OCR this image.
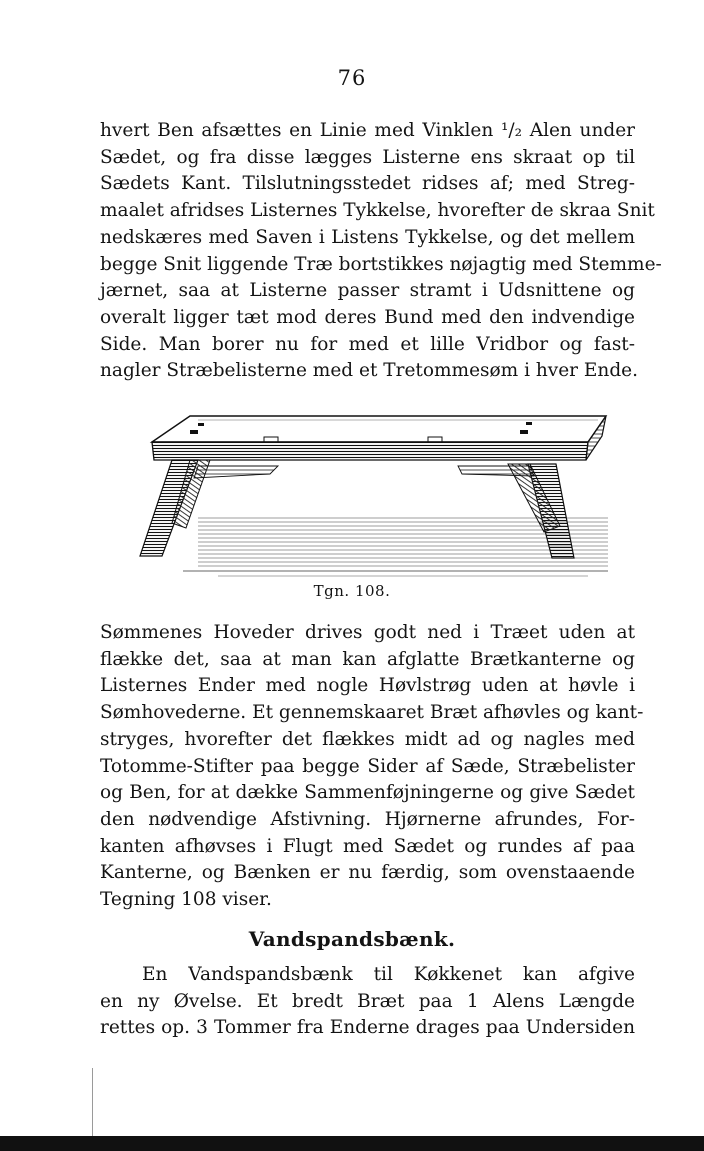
76
hvert Ben afsættes en Linie med Vinklen ¹/₂ Alen under
Sædet, og fra disse lægges Listerne ens skraat op til
Sædets Kant. Tilslutningsstedet ridses af; med Streg-
maalet afridses Listernes Tykkelse, hvorefter de skraa Snit
nedskæres med Saven i Listens Tykkelse, og det mellem
begge Snit liggende Træ bortstikkes nøjagtig med Stemme-
jærnet, saa at Listerne passer stramt i Udsnittene og
overalt ligger tæt mod deres Bund med den indvendige
Side. Man borer nu for med et lille Vridbor og fast-
nagler Stræbelisterne med et Tretommesøm i hver Ende.
Tgn. 108.
Sømmenes Hoveder drives godt ned i Træet uden at
flække det, saa at man kan afglatte Brætkanterne og
Listernes Ender med nogle Høvlstrøg uden at høvle i
Sømhovederne. Et gennemskaaret Bræt afhøvles og kant-
stryges, hvorefter det flækkes midt ad og nagles med
Totomme-Stifter paa begge Sider af Sæde, Stræbelister
og Ben, for at dække Sammenføjningerne og give Sædet
den nødvendige Afstivning. Hjørnerne afrundes, For-
kanten afhøvses i Flugt med Sædet og rundes af paa
Kanterne, og Bænken er nu færdig, som ovenstaaende
Tegning 108 viser.
Vandspandsbænk.
En Vandspandsbænk til Køkkenet kan afgive
en ny Øvelse. Et bredt Bræt paa 1 Alens Længde
rettes op. 3 Tommer fra Enderne drages paa Undersiden
